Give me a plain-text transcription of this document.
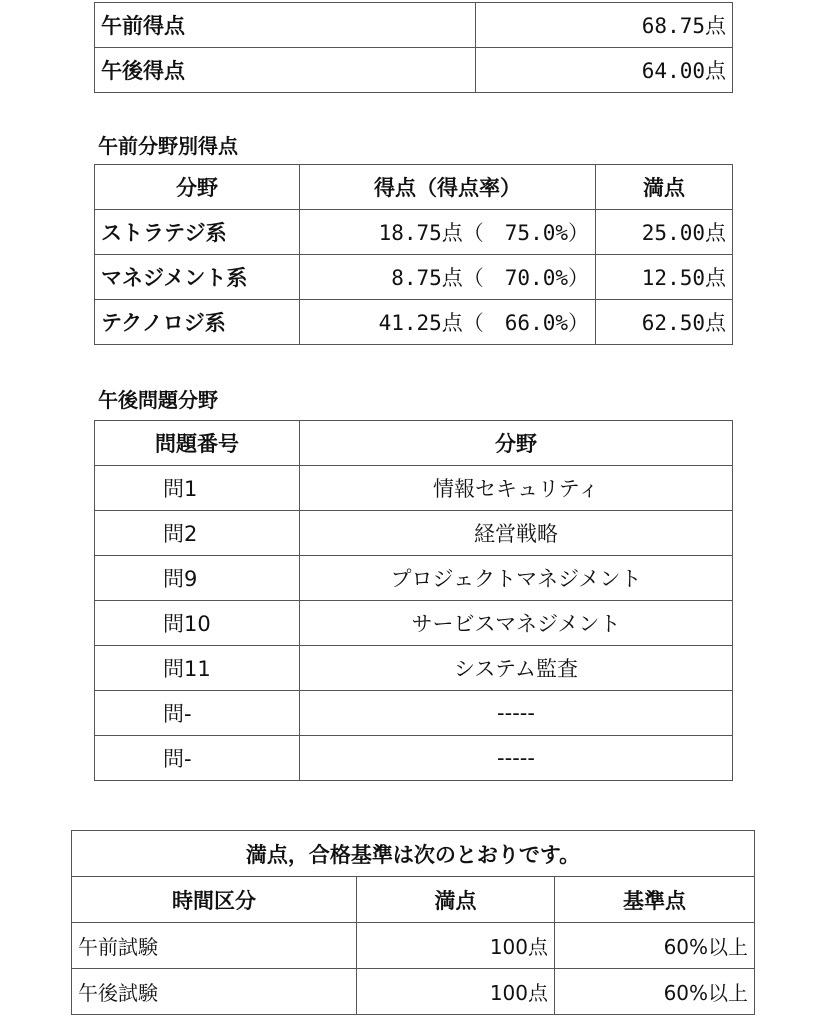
午前得点	68.75点
午後得点	64.00点
午前分野別得点
分野	得点（得点率）	満点
ストラテジ系	18.75点（　75.0%）	25.00点
マネジメント系	8.75点（　70.0%）	12.50点
テクノロジ系	41.25点（　66.0%）	62.50点
午後問題分野
問題番号	分野
問1	情報セキュリティ
問2	経営戦略
問9	プロジェクトマネジメント
問10	サービスマネジメント
問11	システム監査
問-	-----
問-	-----
満点，合格基準は次のとおりです。		
時間区分	満点	基準点
午前試験	100点	60%以上
午後試験	100点	60%以上
